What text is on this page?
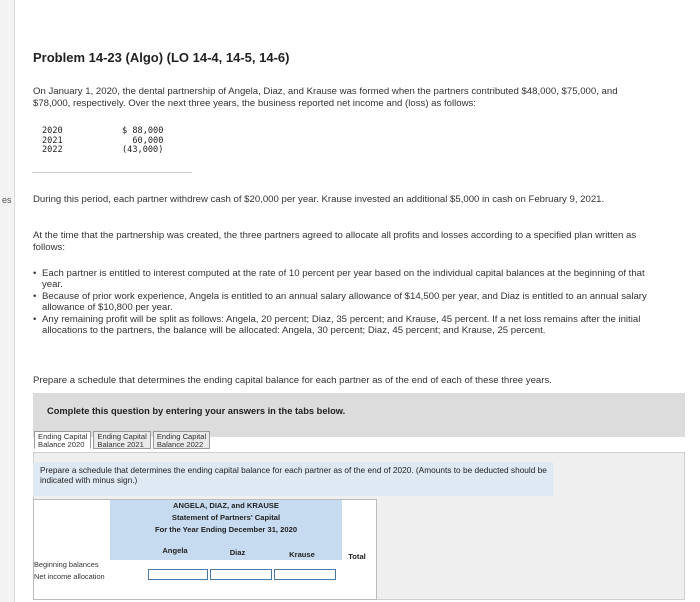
es
Problem 14-23 (Algo) (LO 14-4, 14-5, 14-6)
On January 1, 2020, the dental partnership of Angela, Diaz, and Krause was formed when the partners contributed $48,000, $75,000, and $78,000, respectively. Over the next three years, the business reported net income and (loss) as follows:
2020	$ 88,000
2021	60,000
2022	(43,000)
During this period, each partner withdrew cash of $20,000 per year. Krause invested an additional $5,000 in cash on February 9, 2021.
At the time that the partnership was created, the three partners agreed to allocate all profits and losses according to a specified plan written as follows:
• Each partner is entitled to interest computed at the rate of 10 percent per year based on the individual capital balances at the beginning of that year.
• Because of prior work experience, Angela is entitled to an annual salary allowance of $14,500 per year, and Diaz is entitled to an annual salary allowance of $10,800 per year.
• Any remaining profit will be split as follows: Angela, 20 percent; Diaz, 35 percent; and Krause, 45 percent. If a net loss remains after the initial allocations to the partners, the balance will be allocated: Angela, 30 percent; Diaz, 45 percent; and Krause, 25 percent.
Prepare a schedule that determines the ending capital balance for each partner as of the end of each of these three years.
Complete this question by entering your answers in the tabs below.
Ending Capital
Balance 2020
Ending Capital
Balance 2021
Ending Capital
Balance 2022
Prepare a schedule that determines the ending capital balance for each partner as of the end of 2020. (Amounts to be deducted should be indicated with minus sign.)
ANGELA, DIAZ, and KRAUSE
Statement of Partners' Capital
For the Year Ending December 31, 2020
Angela	Diaz	Krause	Total
Beginning balances
Net income allocation
